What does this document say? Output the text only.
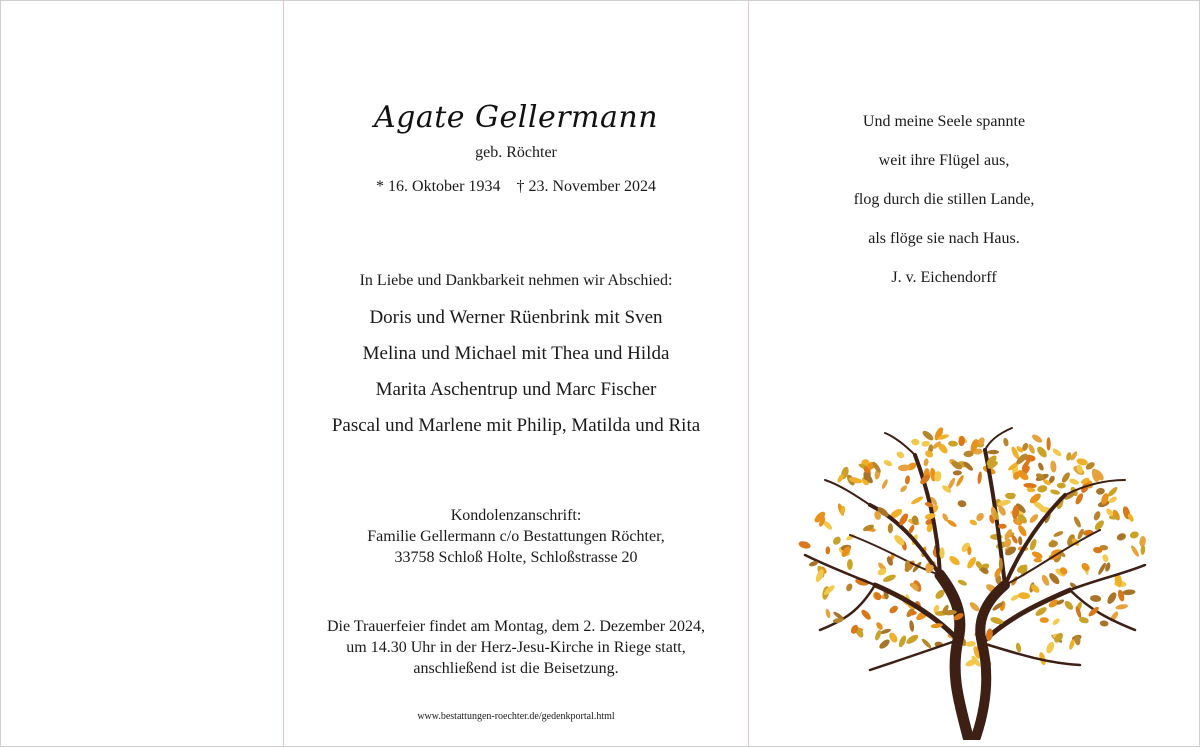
Agate Gellermann
geb. Röchter
* 16. Oktober 1934 † 23. November 2024
In Liebe und Dankbarkeit nehmen wir Abschied:
Doris und Werner Rüenbrink mit Sven
Melina und Michael mit Thea und Hilda
Marita Aschentrup und Marc Fischer
Pascal und Marlene mit Philip, Matilda und Rita
Kondolenzanschrift:
Familie Gellermann c/o Bestattungen Röchter,
33758 Schloß Holte, Schloßstrasse 20
Die Trauerfeier findet am Montag, dem 2. Dezember 2024,
um 14.30 Uhr in der Herz-Jesu-Kirche in Riege statt,
anschließend ist die Beisetzung.
www.bestattungen-roechter.de/gedenkportal.html
Und meine Seele spannte
weit ihre Flügel aus,
flog durch die stillen Lande,
als flöge sie nach Haus.
J. v. Eichendorff
